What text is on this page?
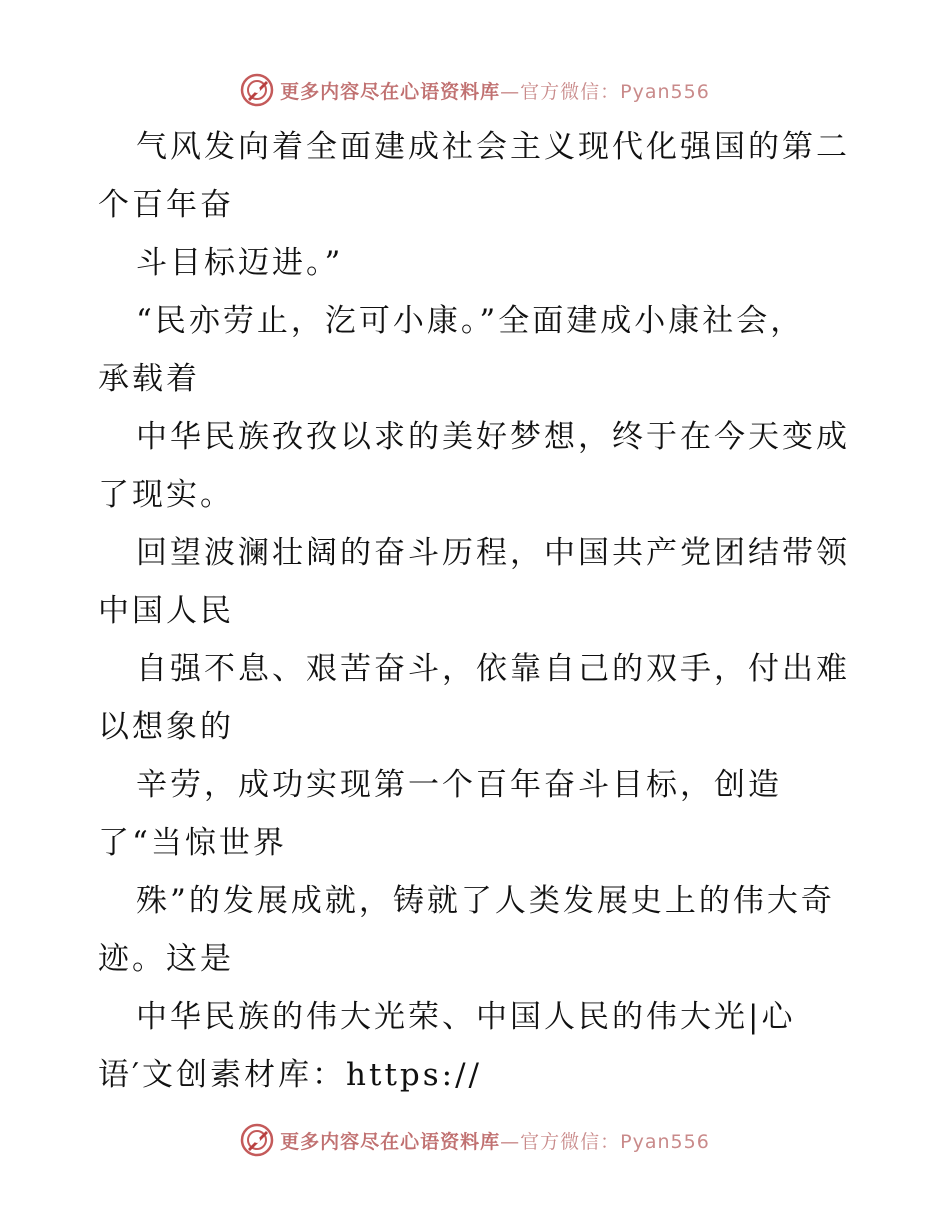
更多内容尽在心语资料库—官方微信：Pyan556
气风发向着全面建成社会主义现代化强国的第二
个百年奋
斗目标迈进。”
“民亦劳止，汔可小康。”全面建成小康社会，
承载着
中华民族孜孜以求的美好梦想，终于在今天变成
了现实。
回望波澜壮阔的奋斗历程，中国共产党团结带领
中国人民
自强不息、艰苦奋斗，依靠自己的双手，付出难
以想象的
辛劳，成功实现第一个百年奋斗目标，创造
了“当惊世界
殊”的发展成就，铸就了人类发展史上的伟大奇
迹。这是
中华民族的伟大光荣、中国人民的伟大光|心
语′文创素材库：https://
更多内容尽在心语资料库—官方微信：Pyan556
